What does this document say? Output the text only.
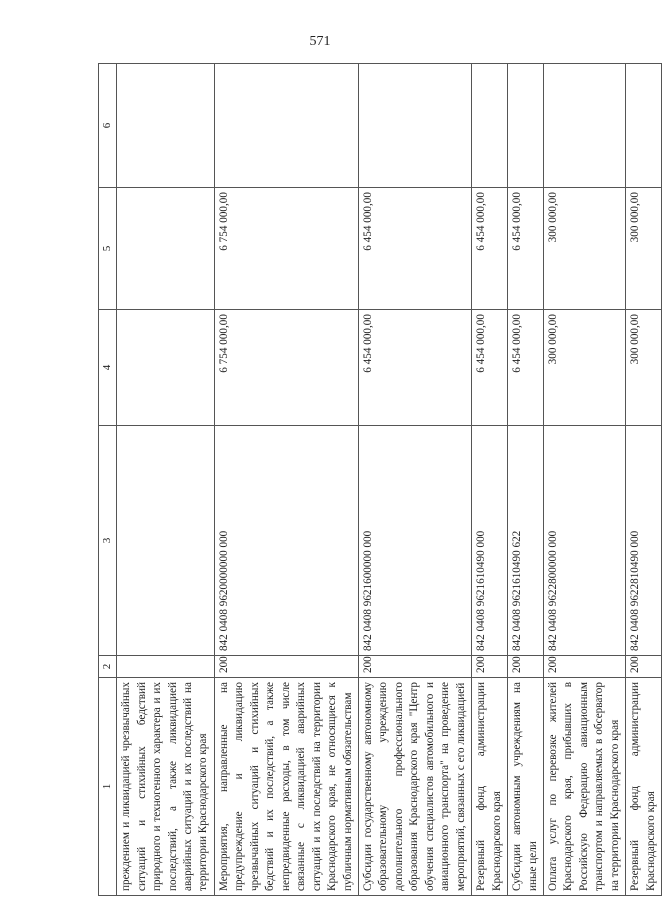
571
1	2	3	4	5	6
преждением и ликвидацией чрезвычайных ситуаций и стихийных бедствий природного и техногенного характера и их последствий, а также ликвидацией аварийных ситуаций и их последствий на территории Краснодарского края					
Мероприятия, направленные на предупреждение и ликвидацию чрезвычайных ситуаций и стихийных бедствий и их последствий, а также непредвиденные расходы, в том числе связанные с ликвидацией аварийных ситуаций и их последствий на территории Краснодарского края, не относящиеся к публичным нормативным обязательствам	200	842 0408 9620000000 000	6 754 000,00	6 754 000,00	
Субсидии государственному автономному образовательному учреждению дополнительного профессионального образования Краснодарского края "Центр обучения специалистов автомобильного и авиационного транспорта" на проведение мероприятий, связанных с его ликвидацией	200	842 0408 9621600000 000	6 454 000,00	6 454 000,00	
Резервный фонд администрации Краснодарского края	200	842 0408 9621610490 000	6 454 000,00	6 454 000,00	
Субсидии автономным учреждениям на иные цели	200	842 0408 9621610490 622	6 454 000,00	6 454 000,00	
Оплата услуг по перевозке жителей Краснодарского края, прибывших в Российскую Федерацию авиационным транспортом и направляемых в обсерватор на территории Краснодарского края	200	842 0408 9622800000 000	300 000,00	300 000,00	
Резервный фонд администрации Краснодарского края	200	842 0408 9622810490 000	300 000,00	300 000,00	
